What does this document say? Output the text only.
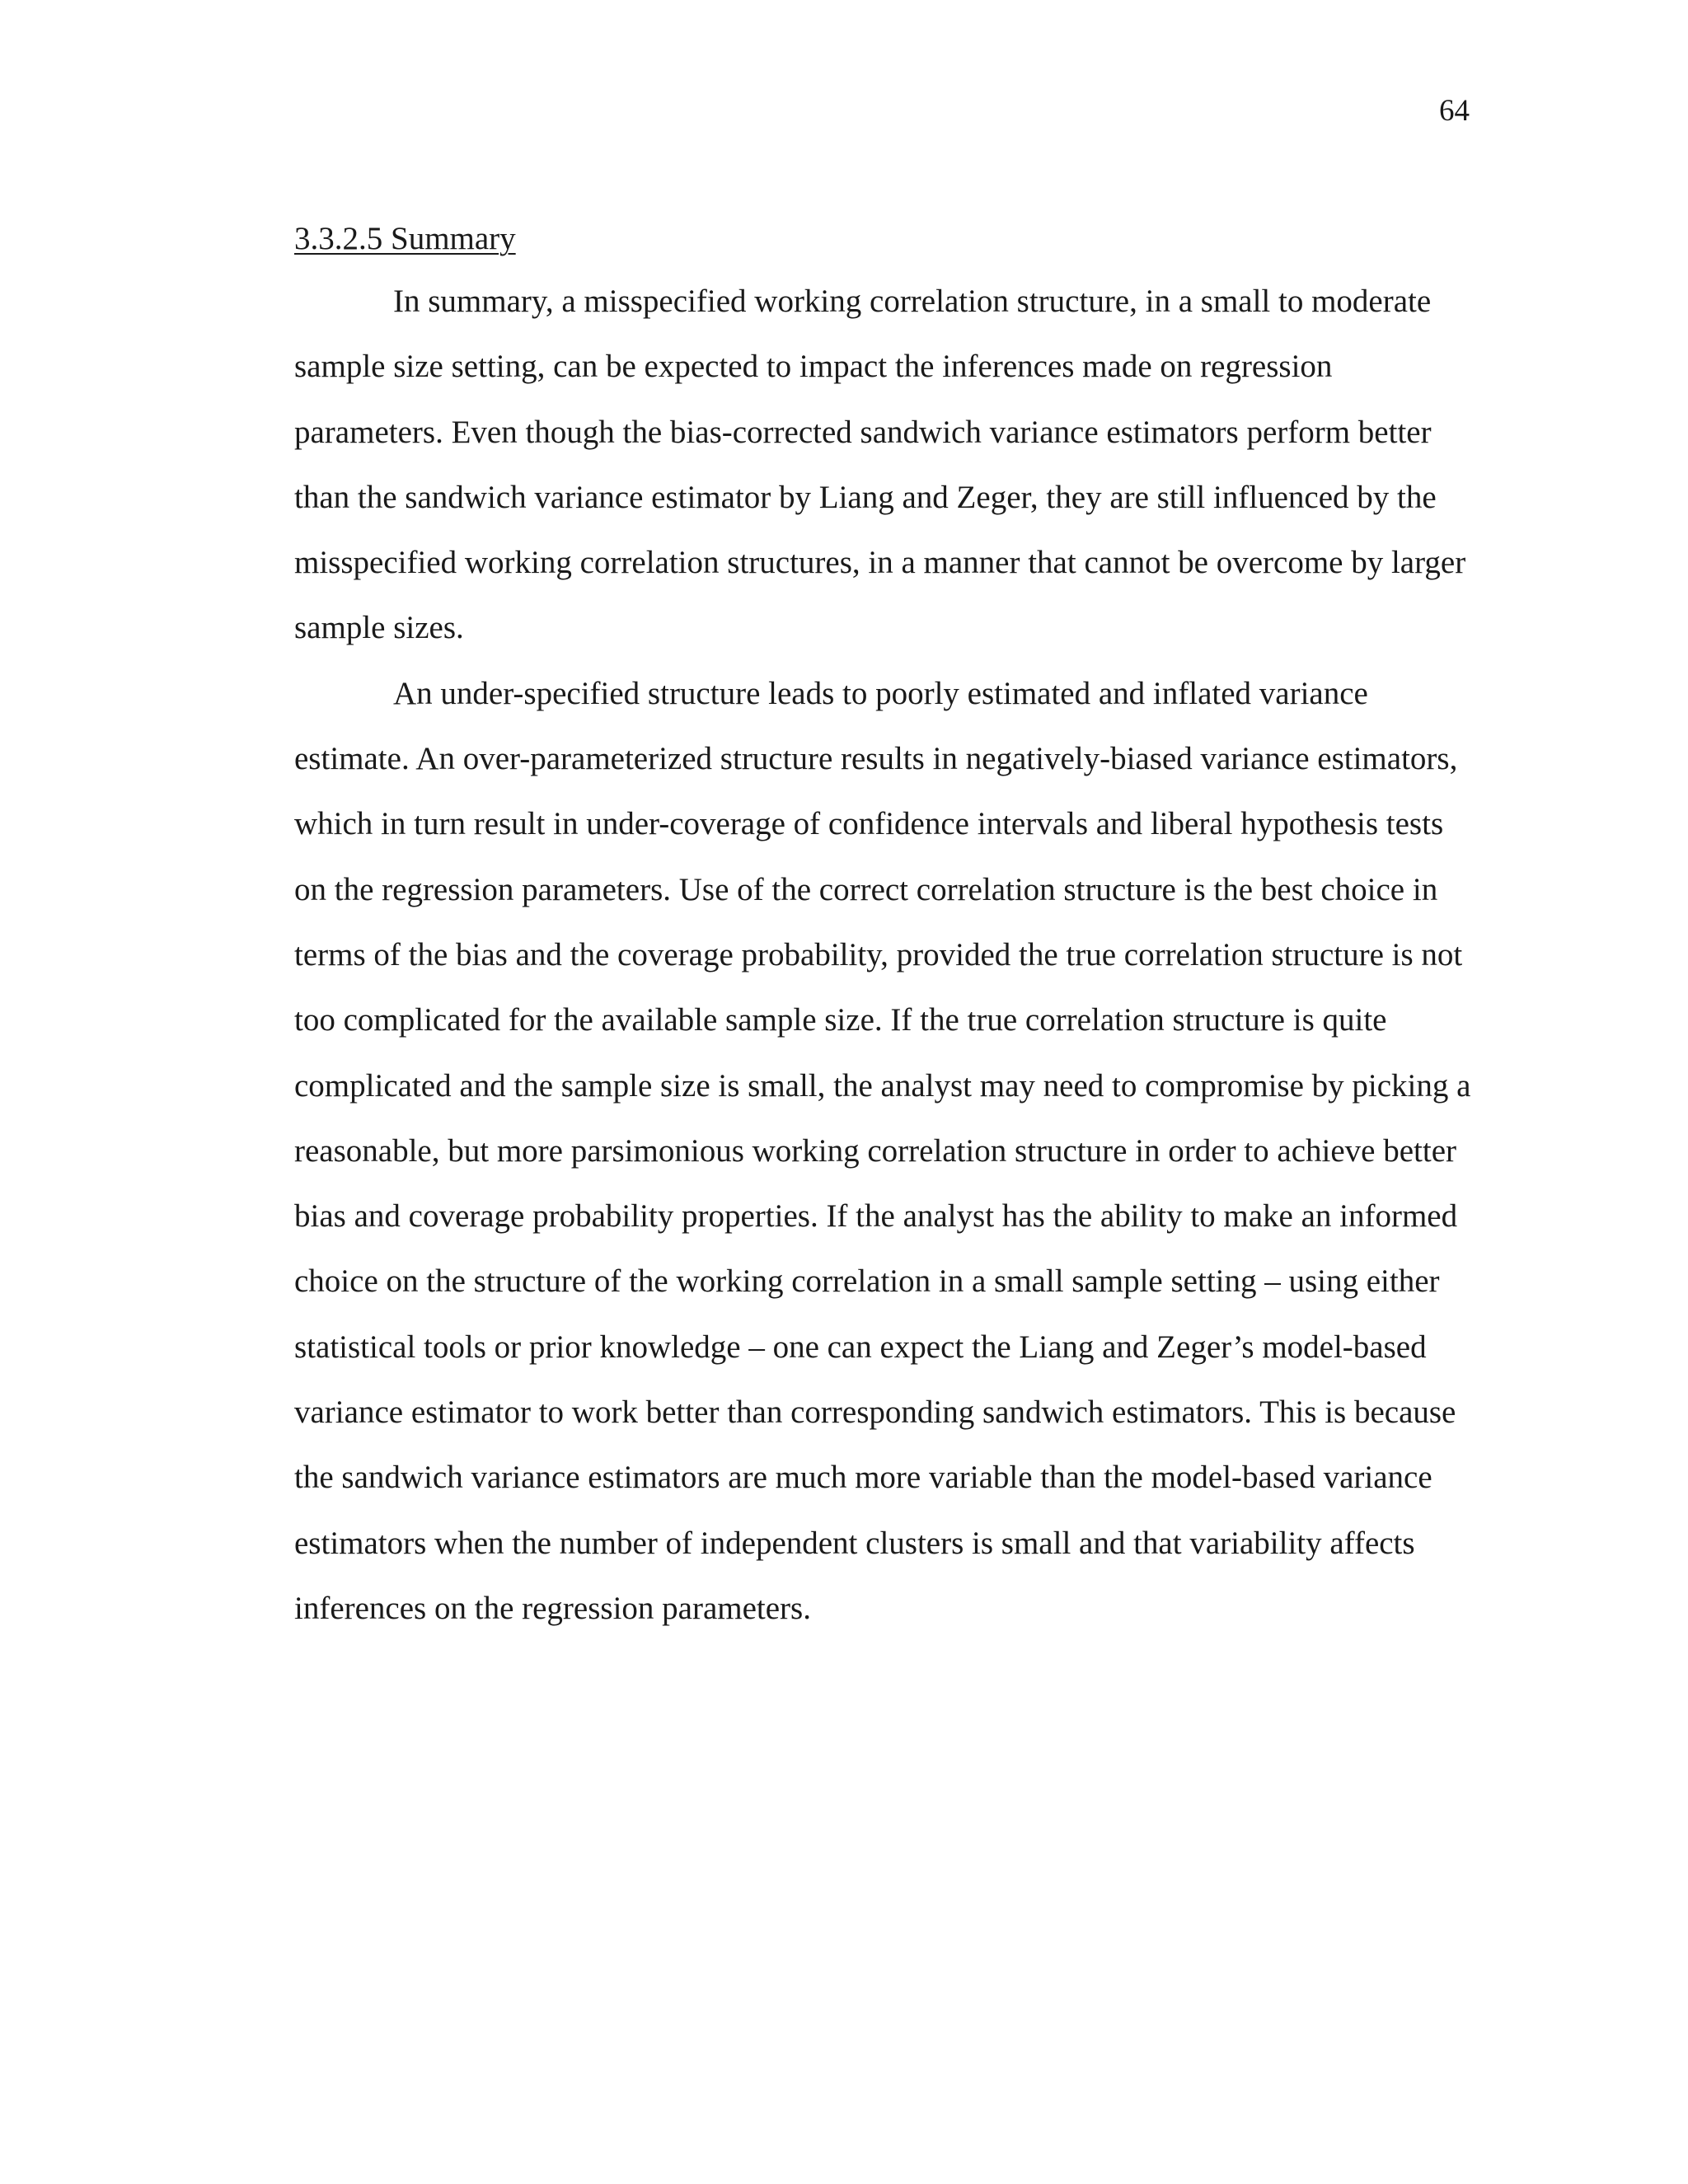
64
3.3.2.5 Summary

In summary, a misspecified working correlation structure, in a small to moderate sample size setting, can be expected to impact the inferences made on regression parameters. Even though the bias-corrected sandwich variance estimators perform better than the sandwich variance estimator by Liang and Zeger, they are still influenced by the misspecified working correlation structures, in a manner that cannot be overcome by larger sample sizes.

An under-specified structure leads to poorly estimated and inflated variance estimate. An over-parameterized structure results in negatively-biased variance estimators, which in turn result in under-coverage of confidence intervals and liberal hypothesis tests on the regression parameters. Use of the correct correlation structure is the best choice in terms of the bias and the coverage probability, provided the true correlation structure is not too complicated for the available sample size. If the true correlation structure is quite complicated and the sample size is small, the analyst may need to compromise by picking a reasonable, but more parsimonious working correlation structure in order to achieve better bias and coverage probability properties. If the analyst has the ability to make an informed choice on the structure of the working correlation in a small sample setting – using either statistical tools or prior knowledge – one can expect the Liang and Zeger’s model-based variance estimator to work better than corresponding sandwich estimators. This is because the sandwich variance estimators are much more variable than the model-based variance estimators when the number of independent clusters is small and that variability affects inferences on the regression parameters.
